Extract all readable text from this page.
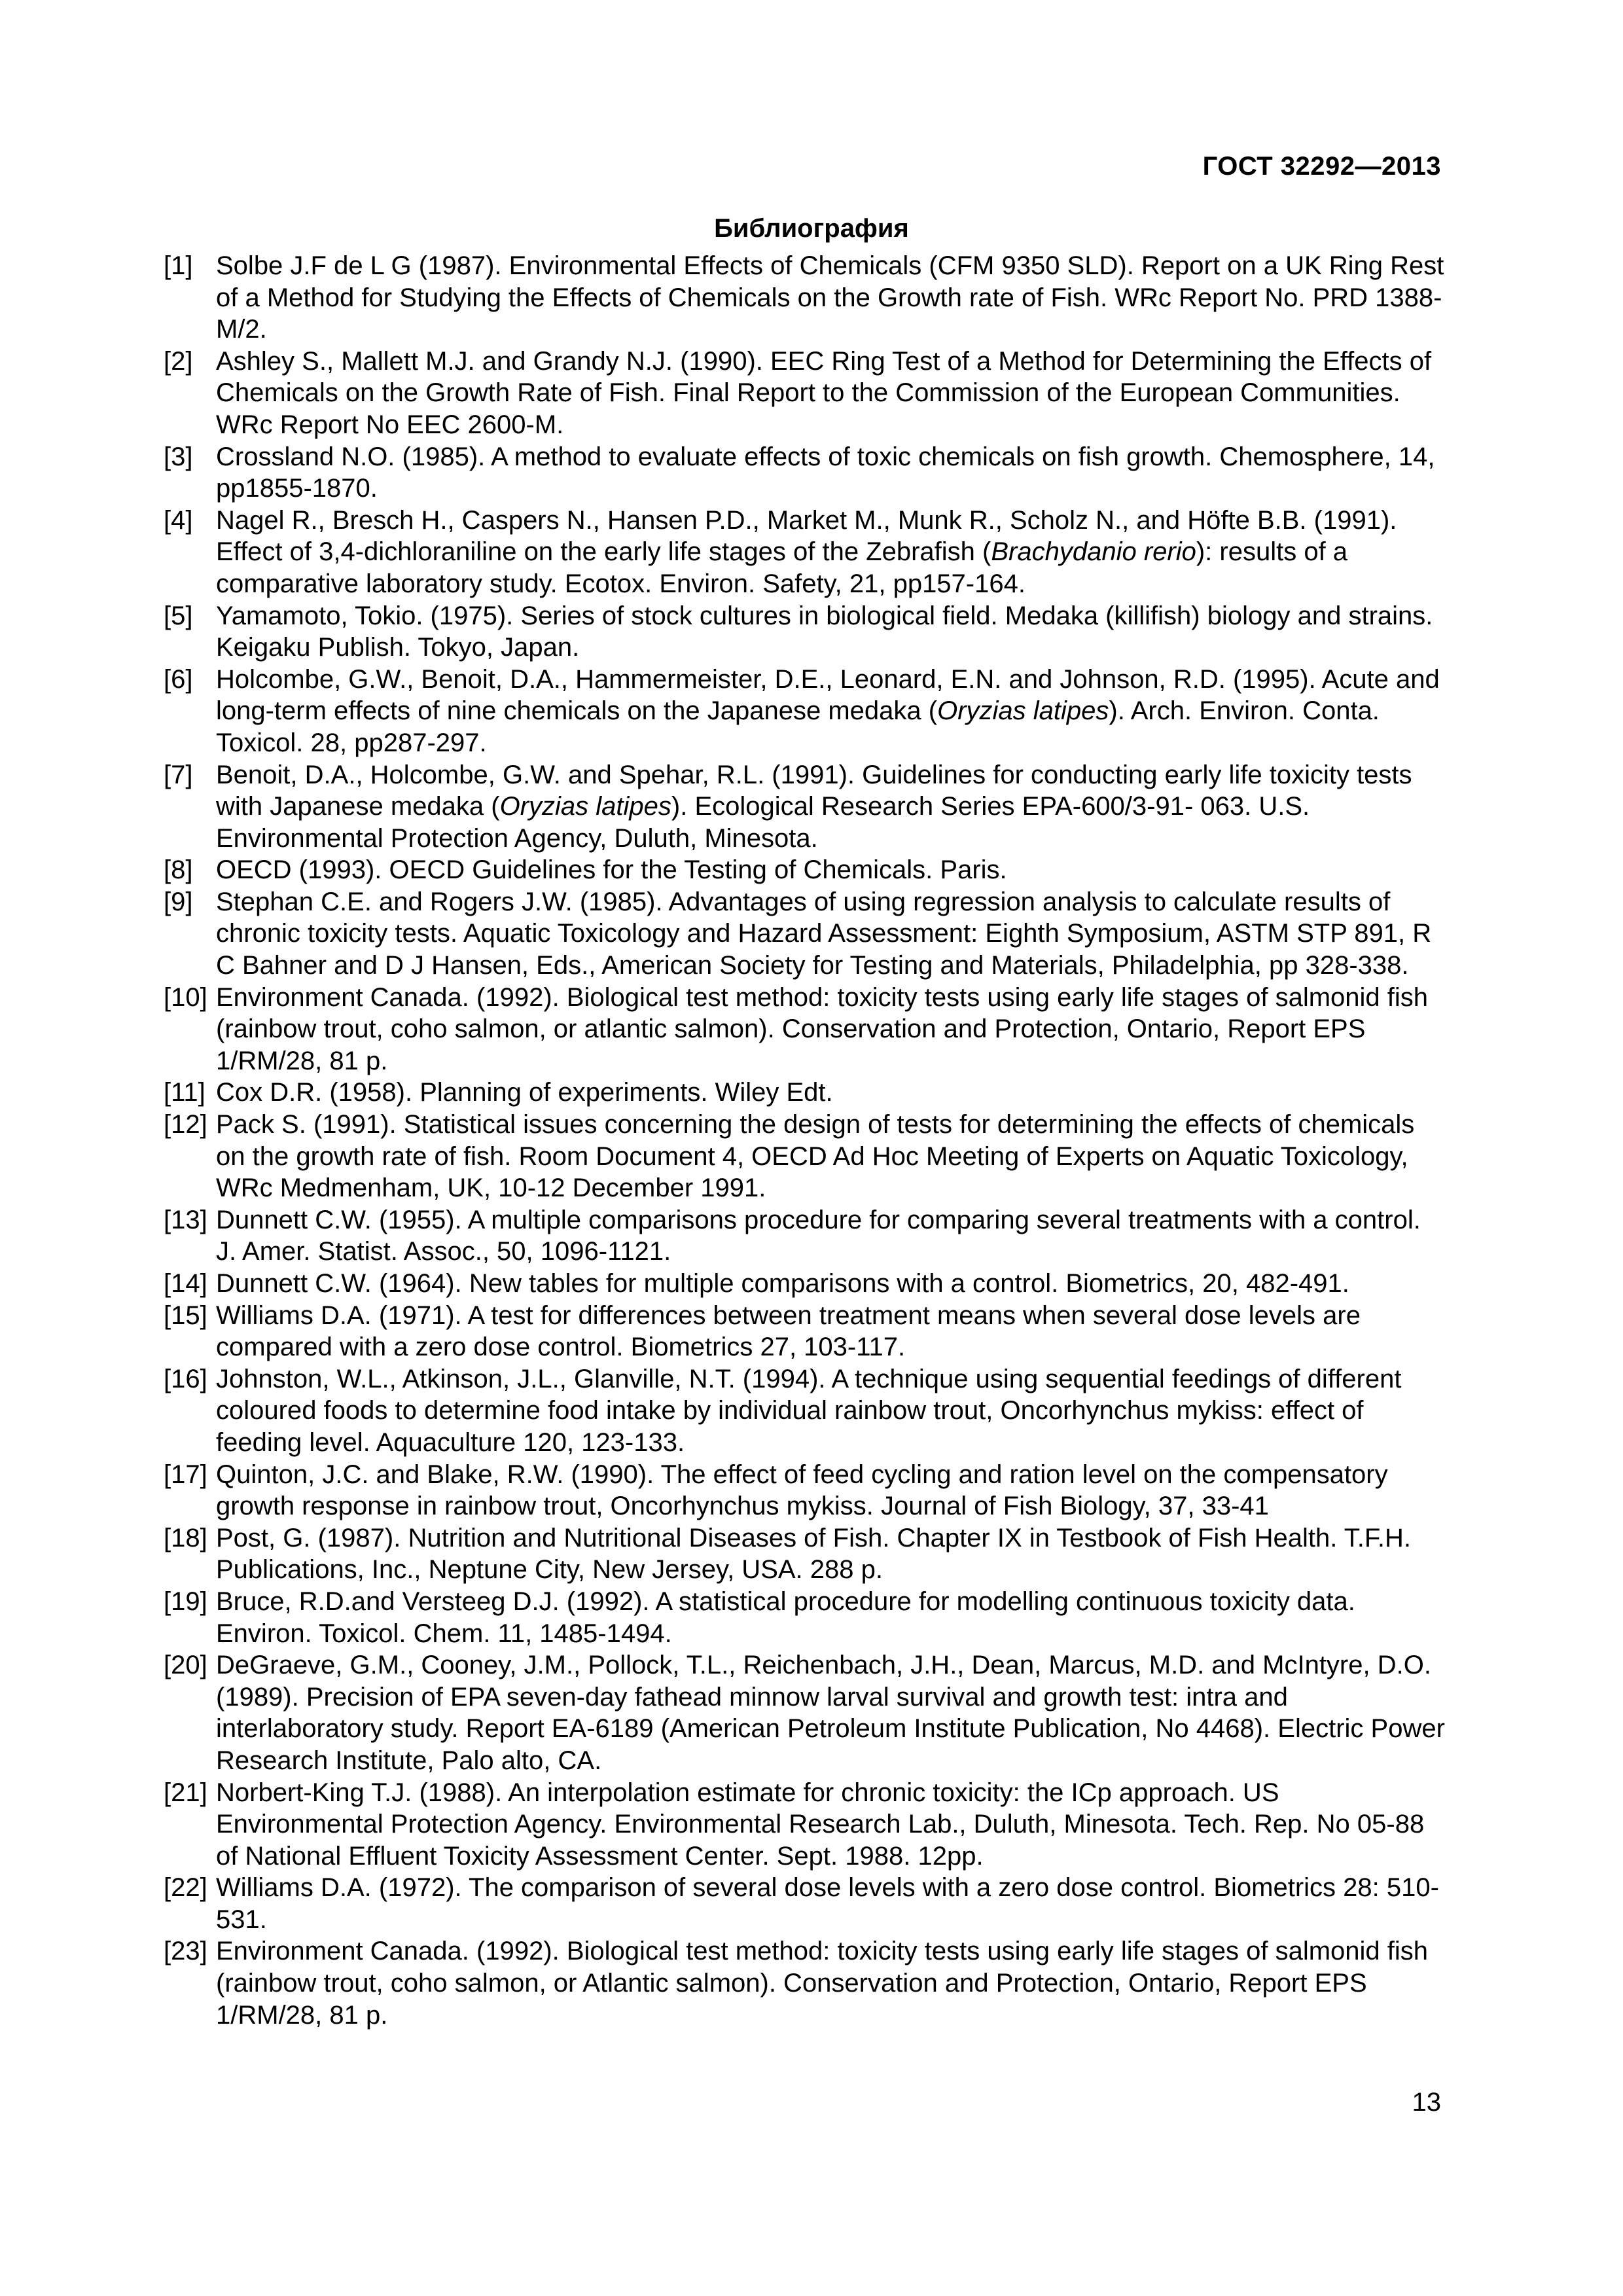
ГОСТ 32292—2013
Библиография
[1] Solbe J.F de L G (1987). Environmental Effects of Chemicals (CFM 9350 SLD). Report on a UK Ring Rest of a Method for Studying the Effects of Chemicals on the Growth rate of Fish. WRc Report No. PRD 1388-M/2.
[2] Ashley S., Mallett M.J. and Grandy N.J. (1990). EEC Ring Test of a Method for Determining the Effects of Chemicals on the Growth Rate of Fish. Final Report to the Commission of the European Communities. WRc Report No EEC 2600-M.
[3] Crossland N.O. (1985). A method to evaluate effects of toxic chemicals on fish growth. Chemosphere, 14, pp1855-1870.
[4] Nagel R., Bresch H., Caspers N., Hansen P.D., Market M., Munk R., Scholz N., and Höfte B.B. (1991). Effect of 3,4-dichloraniline on the early life stages of the Zebrafish (Brachydanio rerio): results of a comparative laboratory study. Ecotox. Environ. Safety, 21, pp157-164.
[5] Yamamoto, Tokio. (1975). Series of stock cultures in biological field. Medaka (killifish) biology and strains. Keigaku Publish. Tokyo, Japan.
[6] Holcombe, G.W., Benoit, D.A., Hammermeister, D.E., Leonard, E.N. and Johnson, R.D. (1995). Acute and long-term effects of nine chemicals on the Japanese medaka (Oryzias latipes). Arch. Environ. Conta. Toxicol. 28, pp287-297.
[7] Benoit, D.A., Holcombe, G.W. and Spehar, R.L. (1991). Guidelines for conducting early life toxicity tests with Japanese medaka (Oryzias latipes). Ecological Research Series EPA-600/3-91- 063. U.S. Environmental Protection Agency, Duluth, Minesota.
[8] OECD (1993). OECD Guidelines for the Testing of Chemicals. Paris.
[9] Stephan C.E. and Rogers J.W. (1985). Advantages of using regression analysis to calculate results of chronic toxicity tests. Aquatic Toxicology and Hazard Assessment: Eighth Symposium, ASTM STP 891, R C Bahner and D J Hansen, Eds., American Society for Testing and Materials, Philadelphia, pp 328-338.
[10] Environment Canada. (1992). Biological test method: toxicity tests using early life stages of salmonid fish (rainbow trout, coho salmon, or atlantic salmon). Conservation and Protection, Ontario, Report EPS 1/RM/28, 81 p.
[11] Cox D.R. (1958). Planning of experiments. Wiley Edt.
[12] Pack S. (1991). Statistical issues concerning the design of tests for determining the effects of chemicals on the growth rate of fish. Room Document 4, OECD Ad Hoc Meeting of Experts on Aquatic Toxicology, WRc Medmenham, UK, 10-12 December 1991.
[13] Dunnett C.W. (1955). A multiple comparisons procedure for comparing several treatments with a control. J. Amer. Statist. Assoc., 50, 1096-1121.
[14] Dunnett C.W. (1964). New tables for multiple comparisons with a control. Biometrics, 20, 482-491.
[15] Williams D.A. (1971). A test for differences between treatment means when several dose levels are compared with a zero dose control. Biometrics 27, 103-117.
[16] Johnston, W.L., Atkinson, J.L., Glanville, N.T. (1994). A technique using sequential feedings of different coloured foods to determine food intake by individual rainbow trout, Oncorhynchus mykiss: effect of feeding level. Aquaculture 120, 123-133.
[17] Quinton, J.C. and Blake, R.W. (1990). The effect of feed cycling and ration level on the compensatory growth response in rainbow trout, Oncorhynchus mykiss. Journal of Fish Biology, 37, 33-41
[18] Post, G. (1987). Nutrition and Nutritional Diseases of Fish. Chapter IX in Testbook of Fish Health. T.F.H. Publications, Inc., Neptune City, New Jersey, USA. 288 p.
[19] Bruce, R.D.and Versteeg D.J. (1992). A statistical procedure for modelling continuous toxicity data. Environ. Toxicol. Chem. 11, 1485-1494.
[20] DeGraeve, G.M., Cooney, J.M., Pollock, T.L., Reichenbach, J.H., Dean, Marcus, M.D. and McIntyre, D.O. (1989). Precision of EPA seven-day fathead minnow larval survival and growth test: intra and interlaboratory study. Report EA-6189 (American Petroleum Institute Publication, No 4468). Electric Power Research Institute, Palo alto, CA.
[21] Norbert-King T.J. (1988). An interpolation estimate for chronic toxicity: the ICp approach. US Environmental Protection Agency. Environmental Research Lab., Duluth, Minesota. Tech. Rep. No 05-88 of National Effluent Toxicity Assessment Center. Sept. 1988. 12pp.
[22] Williams D.A. (1972). The comparison of several dose levels with a zero dose control. Biometrics 28: 510-531.
[23] Environment Canada. (1992). Biological test method: toxicity tests using early life stages of salmonid fish (rainbow trout, coho salmon, or Atlantic salmon). Conservation and Protection, Ontario, Report EPS 1/RM/28, 81 p.
13
